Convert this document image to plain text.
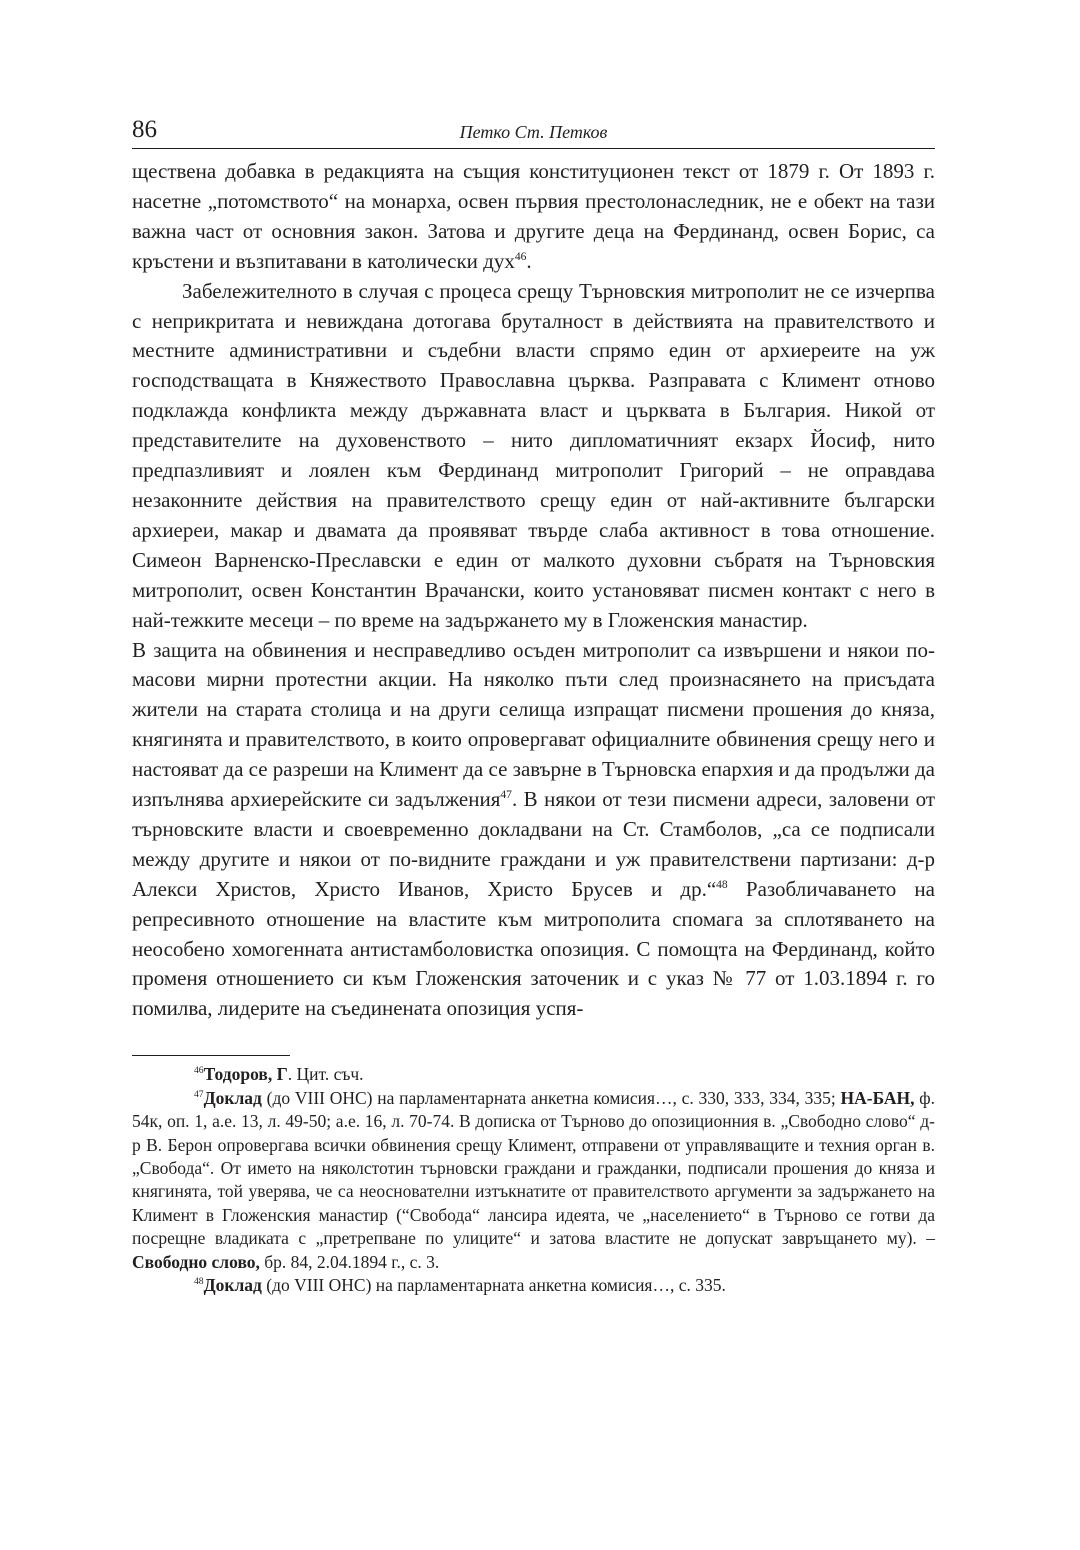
86	Петко Ст. Петков

ществена добавка в редакцията на същия конституционен текст от 1879 г. От 1893 г. насетне „потомството“ на монарха, освен първия престолонаследник, не е обект на тази важна част от основния закон. Затова и другите деца на Фердинанд, освен Борис, са кръстени и възпитавани в католически дух$^{46}$.

Забележителното в случая с процеса срещу Търновския митрополит не се изчерпва с неприкритата и невиждана дотогава бруталност в действията на правителството и местните административни и съдебни власти спрямо един от архиереите на уж господстващата в Княжеството Православна църква. Разправата с Климент отново подклажда конфликта между държавната власт и църквата в България. Никой от представителите на духовенството – нито дипломатичният екзарх Йосиф, нито предпазливият и лоялен към Фердинанд митрополит Григорий – не оправдава незаконните действия на правителството срещу един от най-активните български архиереи, макар и двамата да проявяват твърде слаба активност в това отношение. Симеон Варненско-Преславски е един от малкото духовни събратя на Търновския митрополит, освен Константин Врачански, които установяват писмен контакт с него в най-тежките месеци – по време на задържането му в Гложенския манастир.

В защита на обвинения и несправедливо осъден митрополит са извършени и някои по-масови мирни протестни акции. На няколко пъти след произнасянето на присъдата жители на старата столица и на други селища изпращат писмени прошения до княза, княгинята и правителството, в които опровергават официалните обвинения срещу него и настояват да се разреши на Климент да се завърне в Търновска епархия и да продължи да изпълнява архиерейските си задължения$^{47}$. В някои от тези писмени адреси, заловени от търновските власти и своевременно докладвани на Ст. Стамболов, „са се подписали между другите и някои от по-видните граждани и уж правителствени партизани: д-р Алекси Христов, Христо Иванов, Христо Брусев и др.“$^{48}$ Разобличаването на репресивното отношение на властите към митрополита спомага за сплотяването на неособено хомогенната антистамболовистка опозиция. С помощта на Фердинанд, който променя отношението си към Гложенския заточеник и с указ № 77 от 1.03.1894 г. го помилва, лидерите на съединената опозиция успя-

$^{46}$Тодоров, Г. Цит. съч.

$^{47}$Доклад (до VIII ОНС) на парламентарната анкетна комисия…, с. 330, 333, 334, 335; НА-БАН, ф. 54к, оп. 1, а.е. 13, л. 49-50; а.е. 16, л. 70-74. В дописка от Търново до опозиционния в. „Свободно слово“ д-р В. Берон опровергава всички обвинения срещу Климент, отправени от управляващите и техния орган в. „Свобода“. От името на няколстотин търновски граждани и гражданки, подписали прошения до княза и княгинята, той уверява, че са неоснователни изтъкнатите от правителството аргументи за задържането на Климент в Гложенския манастир (“Свобода“ лансира идеята, че „населението“ в Търново се готви да посрещне владиката с „претрепване по улиците“ и затова властите не допускат завръщането му). – Свободно слово, бр. 84, 2.04.1894 г., с. 3.

$^{48}$Доклад (до VIII ОНС) на парламентарната анкетна комисия…, с. 335.
